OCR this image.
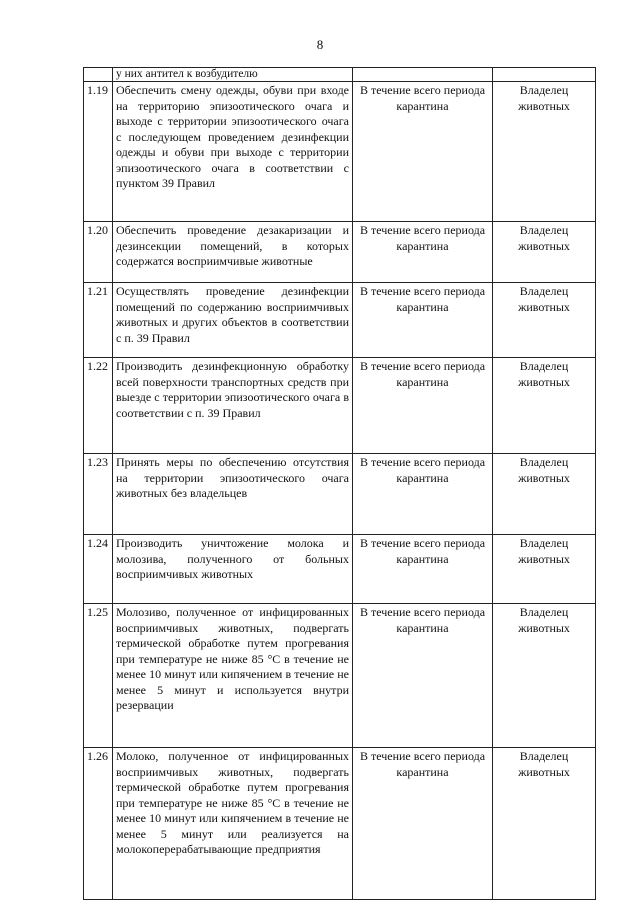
8
	у них антител к возбудителю		
1.19	Обеспечить смену одежды, обуви при входе на территорию эпизоотического очага и выходе с территории эпизоотического очага с последующем проведением дезинфекции одежды и обуви при выходе с территории эпизоотического очага в соответствии с пунктом 39 Правил	В течение всего периода карантина	Владелец животных
1.20	Обеспечить проведение дезакаризации и дезинсекции помещений, в которых содержатся восприимчивые животные	В течение всего периода карантина	Владелец животных
1.21	Осуществлять проведение дезинфекции помещений по содержанию восприимчивых животных и других объектов в соответствии с п. 39 Правил	В течение всего периода карантина	Владелец животных
1.22	Производить дезинфекционную обработку всей поверхности транспортных средств при выезде с территории эпизоотического очага в соответствии с п. 39 Правил	В течение всего периода карантина	Владелец животных
1.23	Принять меры по обеспечению отсутствия на территории эпизоотического очага животных без владельцев	В течение всего периода карантина	Владелец животных
1.24	Производить уничтожение молока и молозива, полученного от больных восприимчивых животных	В течение всего периода карантина	Владелец животных
1.25	Молозиво, полученное от инфицированных восприимчивых животных, подвергать термической обработке путем прогревания при температуре не ниже 85 °С в течение не менее 10 минут или кипячением в течение не менее 5 минут и используется внутри резервации	В течение всего периода карантина	Владелец животных
1.26	Молоко, полученное от инфицированных восприимчивых животных, подвергать термической обработке путем прогревания при температуре не ниже 85 °С в течение не менее 10 минут или кипячением в течение не менее 5 минут или реализуется на молокоперерабатывающие предприятия	В течение всего периода карантина	Владелец животных
